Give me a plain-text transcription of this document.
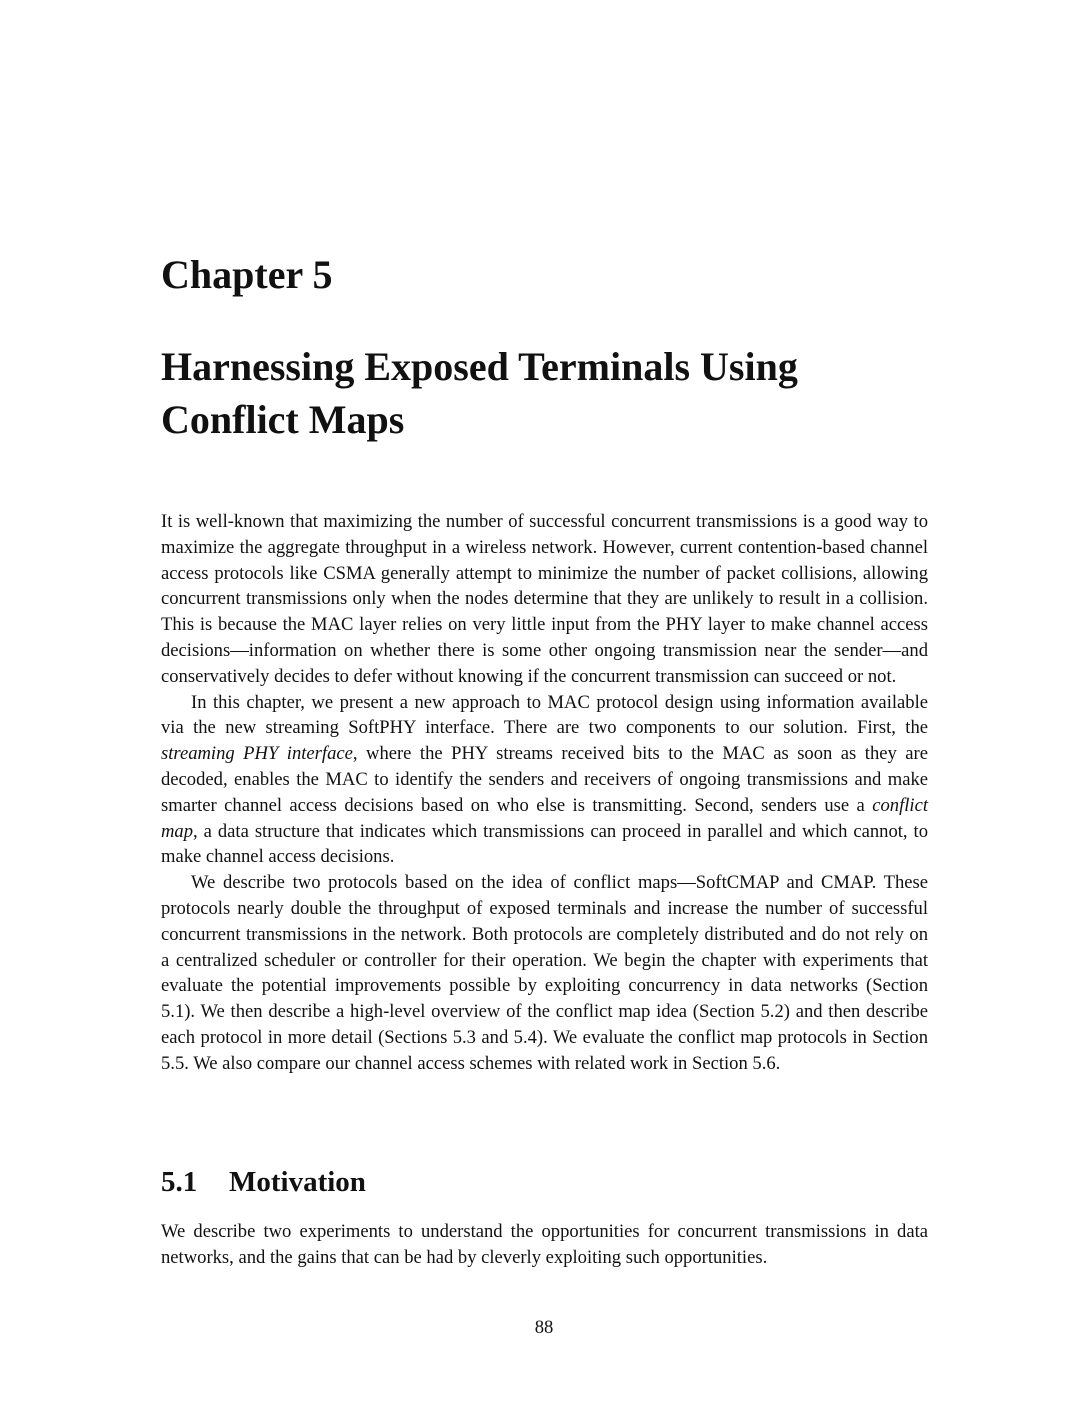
Chapter 5
Harnessing Exposed Terminals Using Conflict Maps

It is well-known that maximizing the number of successful concurrent transmissions is a good way to maximize the aggregate throughput in a wireless network. However, current contention-based channel access protocols like CSMA generally attempt to minimize the number of packet collisions, allowing concurrent transmissions only when the nodes determine that they are unlikely to result in a collision. This is because the MAC layer relies on very little input from the PHY layer to make channel access decisions—information on whether there is some other ongoing transmission near the sender—and conservatively decides to defer without knowing if the concurrent transmission can succeed or not.

In this chapter, we present a new approach to MAC protocol design using information available via the new streaming SoftPHY interface. There are two components to our solution. First, the streaming PHY interface, where the PHY streams received bits to the MAC as soon as they are decoded, enables the MAC to identify the senders and receivers of ongoing transmissions and make smarter channel access decisions based on who else is transmitting. Second, senders use a conflict map, a data structure that indicates which transmissions can proceed in parallel and which cannot, to make channel access decisions.

We describe two protocols based on the idea of conflict maps—SoftCMAP and CMAP. These protocols nearly double the throughput of exposed terminals and increase the number of successful concurrent transmissions in the network. Both protocols are completely distributed and do not rely on a centralized scheduler or controller for their operation. We begin the chapter with experiments that evaluate the potential improvements possible by exploiting concurrency in data networks (Section 5.1). We then describe a high-level overview of the conflict map idea (Section 5.2) and then describe each protocol in more detail (Sections 5.3 and 5.4). We evaluate the conflict map protocols in Section 5.5. We also compare our channel access schemes with related work in Section 5.6.

5.1 Motivation

We describe two experiments to understand the opportunities for concurrent transmissions in data networks, and the gains that can be had by cleverly exploiting such opportunities.

88
